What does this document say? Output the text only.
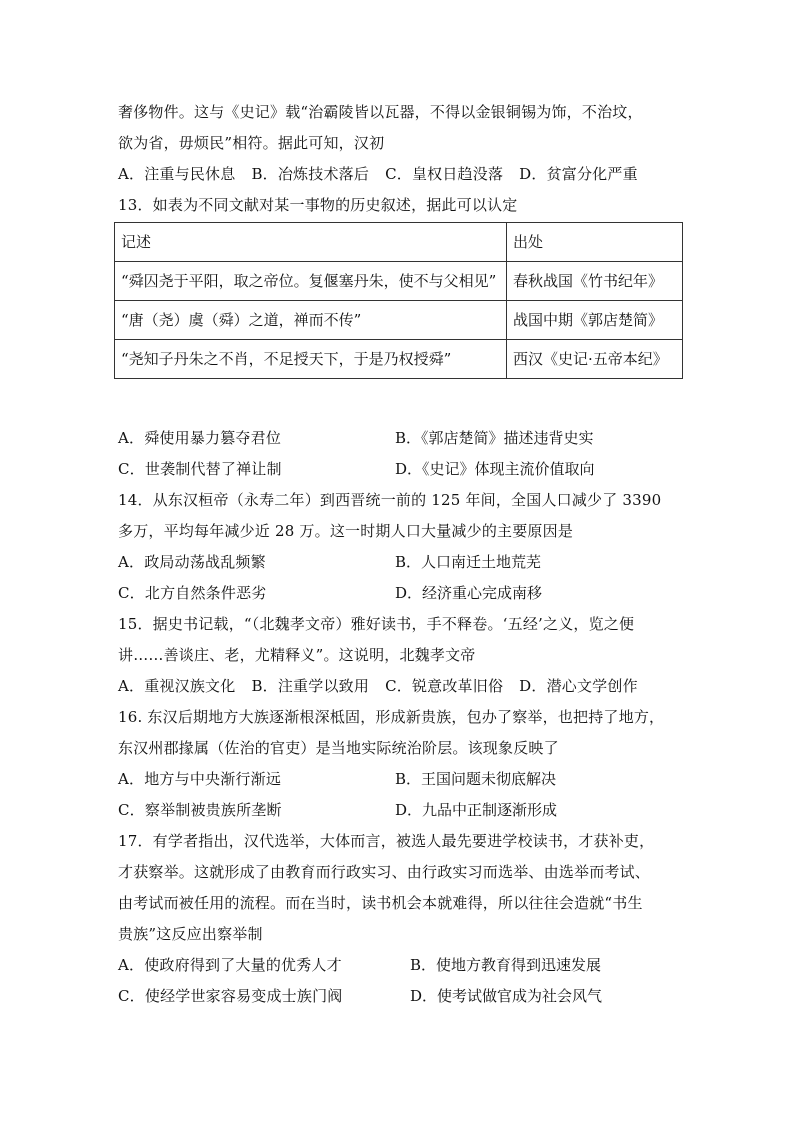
奢侈物件。这与《史记》载“治霸陵皆以瓦器，不得以金银铜锡为饰，不治坟，
欲为省，毋烦民”相符。据此可知，汉初
A．注重与民休息 B．冶炼技术落后 C．皇权日趋没落 D．贫富分化严重
13．如表为不同文献对某一事物的历史叙述，据此可以认定
记述	出处
“舜囚尧于平阳，取之帝位。复偃塞丹朱，使不与父相见”	春秋战国《竹书纪年》
“唐（尧）虞（舜）之道，禅而不传”	战国中期《郭店楚简》
“尧知子丹朱之不肖，不足授天下，于是乃权授舜”	西汉《史记·五帝本纪》
A．舜使用暴力篡夺君位	B．《郭店楚简》描述违背史实
C．世袭制代替了禅让制	D．《史记》体现主流价值取向
14．从东汉桓帝（永寿二年）到西晋统一前的 125 年间，全国人口减少了 3390
多万，平均每年减少近 28 万。这一时期人口大量减少的主要原因是
A．政局动荡战乱频繁	B．人口南迁土地荒芜
C．北方自然条件恶劣	D．经济重心完成南移
15．据史书记载，“（北魏孝文帝）雅好读书，手不释卷。‘五经’之义，览之便
讲……善谈庄、老，尤精释义”。这说明，北魏孝文帝
A．重视汉族文化 B．注重学以致用 C．锐意改革旧俗 D．潜心文学创作
16. 东汉后期地方大族逐渐根深柢固，形成新贵族，包办了察举，也把持了地方，
东汉州郡掾属（佐治的官吏）是当地实际统治阶层。该现象反映了
A．地方与中央渐行渐远	B．王国问题未彻底解决
C．察举制被贵族所垄断	D．九品中正制逐渐形成
17．有学者指出，汉代选举，大体而言，被选人最先要进学校读书，才获补吏，
才获察举。这就形成了由教育而行政实习、由行政实习而选举、由选举而考试、
由考试而被任用的流程。而在当时，读书机会本就难得，所以往往会造就“书生
贵族”这反应出察举制
A．使政府得到了大量的优秀人才	B．使地方教育得到迅速发展
C．使经学世家容易变成士族门阀	D．使考试做官成为社会风气
